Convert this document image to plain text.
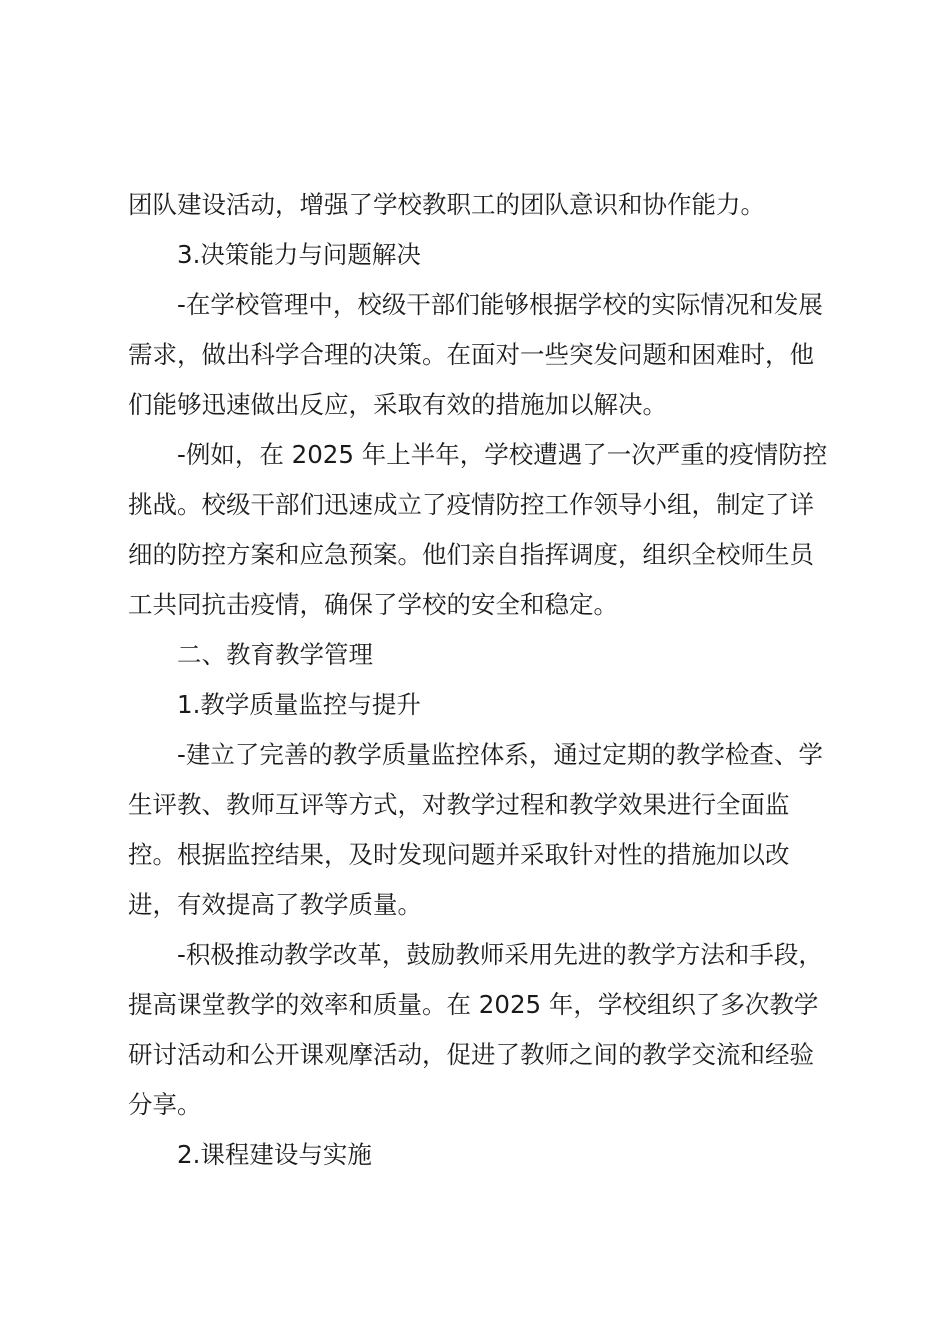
团队建设活动，增强了学校教职工的团队意识和协作能力。

3.决策能力与问题解决

-在学校管理中，校级干部们能够根据学校的实际情况和发展需求，做出科学合理的决策。在面对一些突发问题和困难时，他们能够迅速做出反应，采取有效的措施加以解决。

-例如，在 2025 年上半年，学校遭遇了一次严重的疫情防控挑战。校级干部们迅速成立了疫情防控工作领导小组，制定了详细的防控方案和应急预案。他们亲自指挥调度，组织全校师生员工共同抗击疫情，确保了学校的安全和稳定。

二、教育教学管理

1.教学质量监控与提升

-建立了完善的教学质量监控体系，通过定期的教学检查、学生评教、教师互评等方式，对教学过程和教学效果进行全面监控。根据监控结果，及时发现问题并采取针对性的措施加以改进，有效提高了教学质量。

-积极推动教学改革，鼓励教师采用先进的教学方法和手段，提高课堂教学的效率和质量。在 2025 年，学校组织了多次教学研讨活动和公开课观摩活动，促进了教师之间的教学交流和经验分享。

2.课程建设与实施
